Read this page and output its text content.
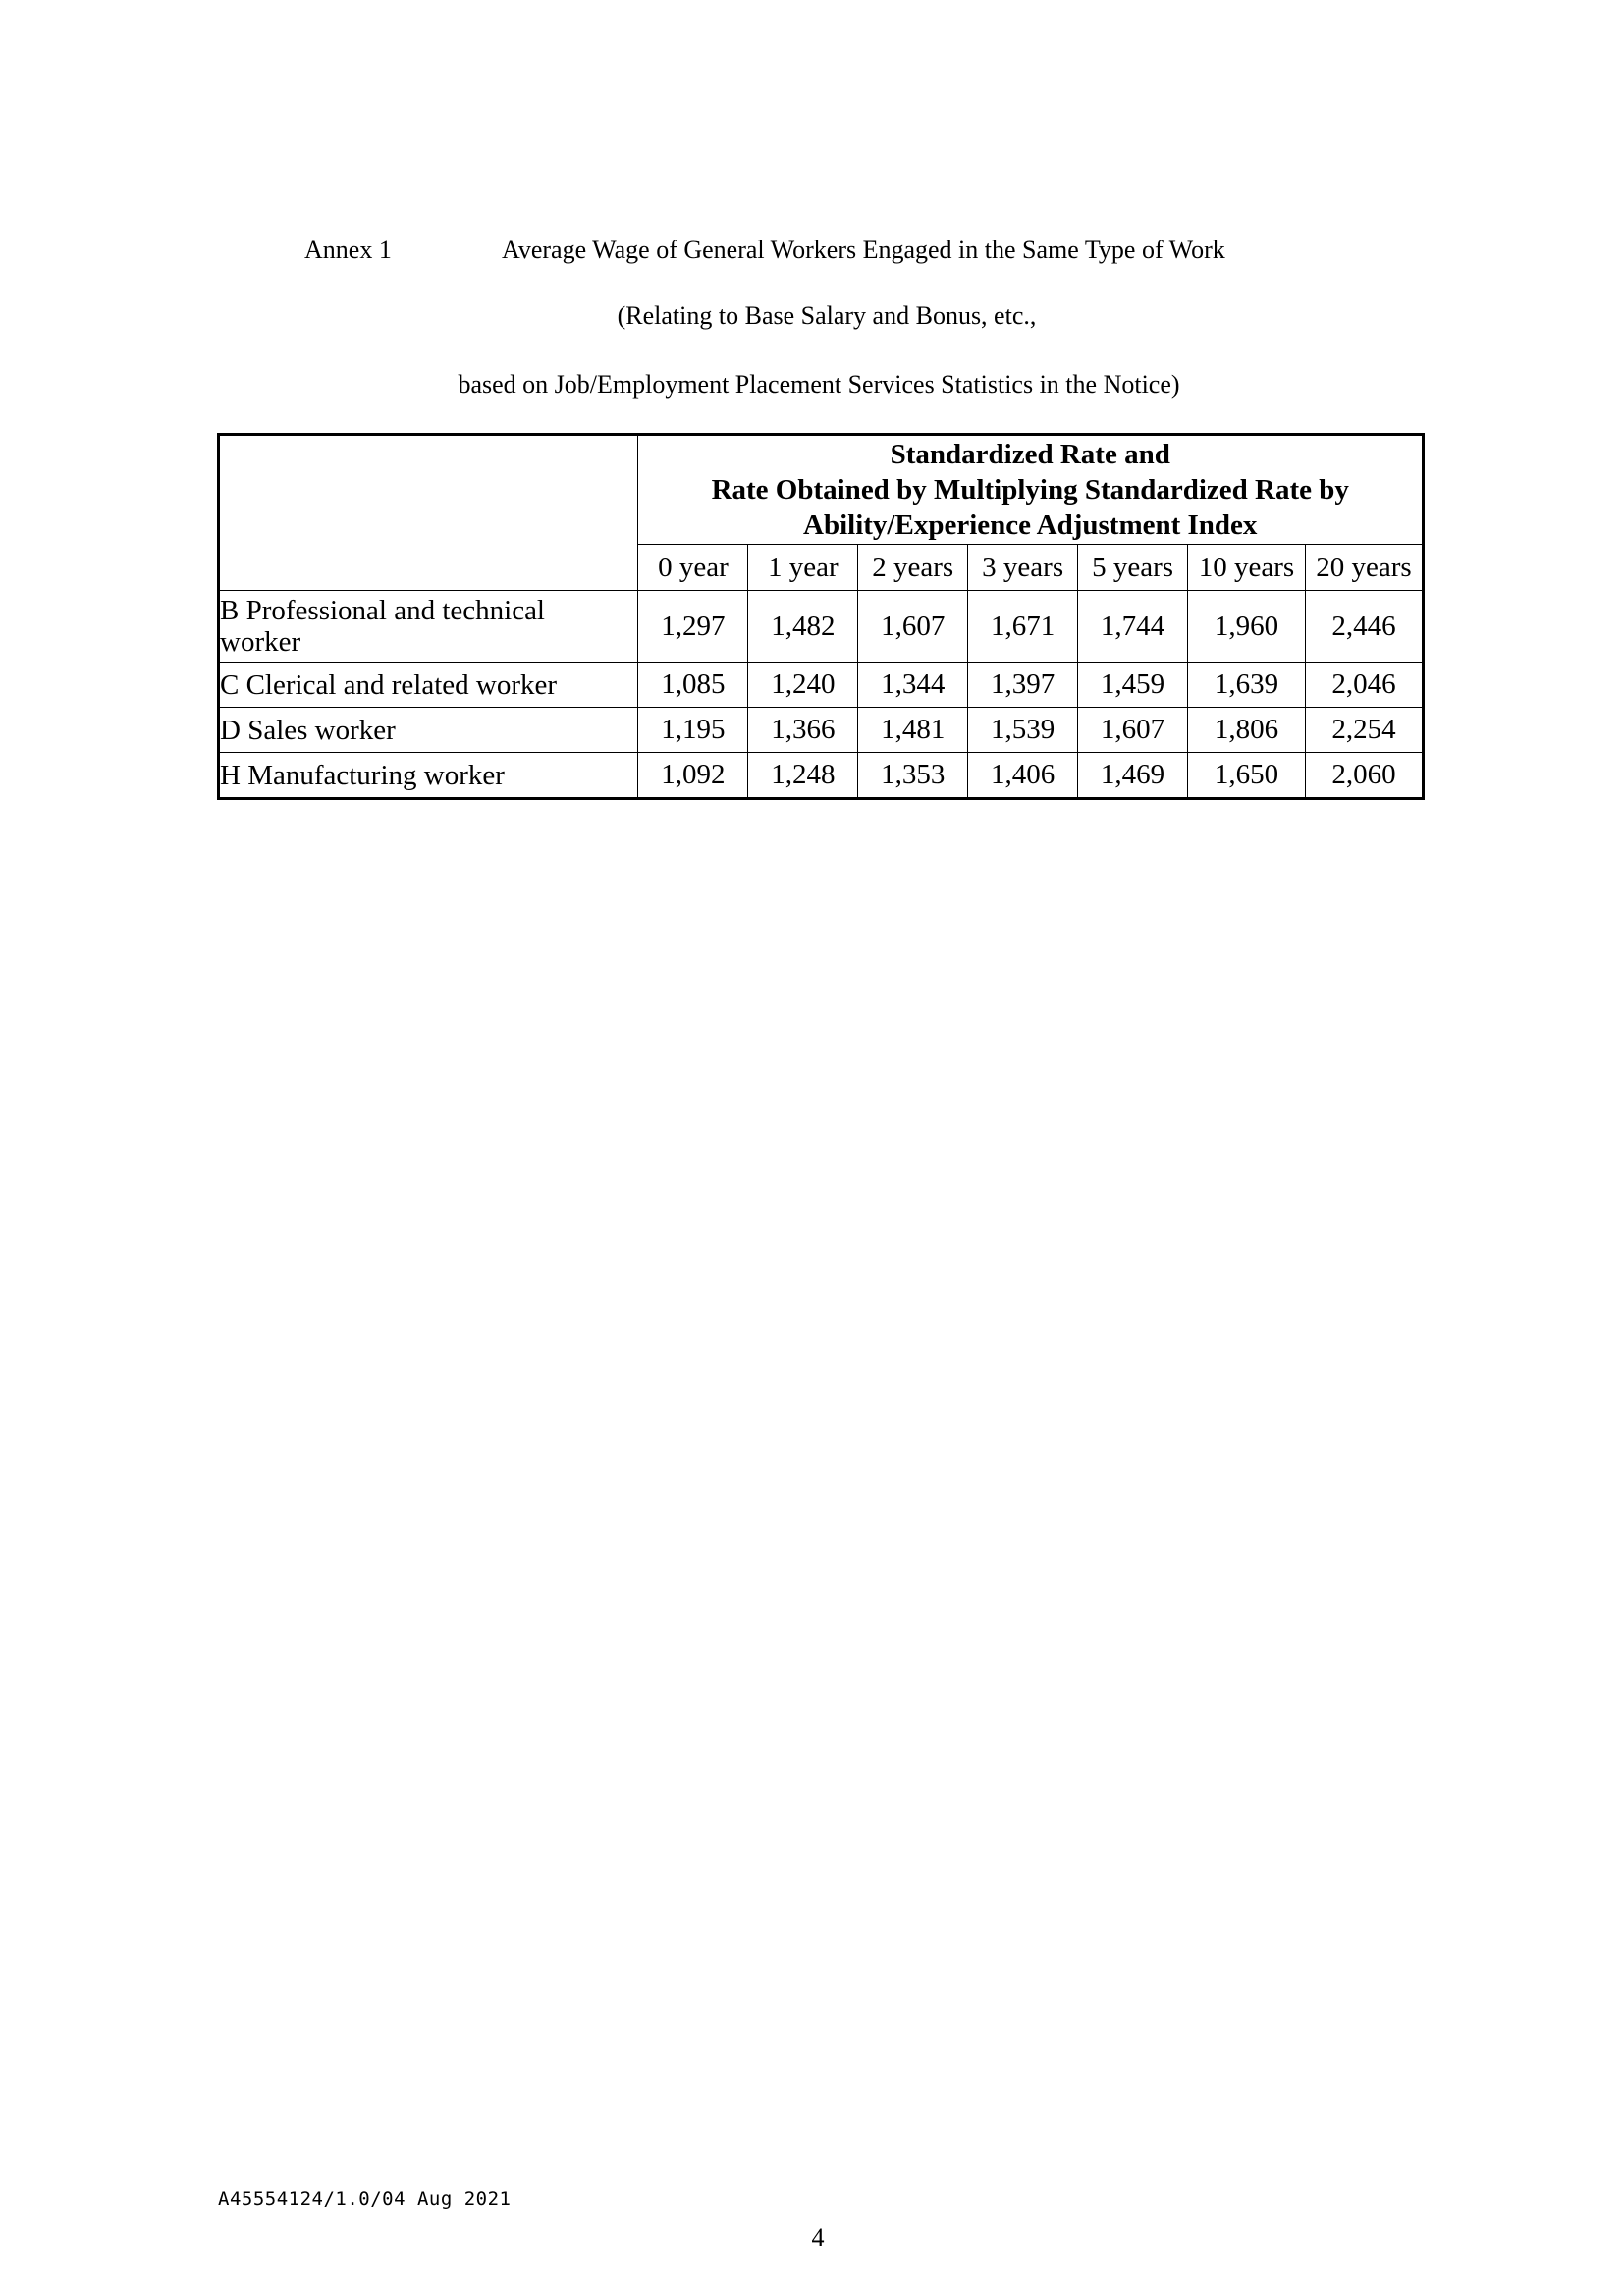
Annex 1	Average Wage of General Workers Engaged in the Same Type of Work
(Relating to Base Salary and Bonus, etc.,
based on Job/Employment Placement Services Statistics in the Notice)

	Standardized Rate and
Rate Obtained by Multiplying Standardized Rate by
Ability/Experience Adjustment Index						

	0 year	1 year	2 years	3 years	5 years	10 years	20 years

B Professional and technical
worker	1,297	1,482	1,607	1,671	1,744	1,960	2,446
C Clerical and related worker	1,085	1,240	1,344	1,397	1,459	1,639	2,046
D Sales worker	1,195	1,366	1,481	1,539	1,607	1,806	2,254
H Manufacturing worker	1,092	1,248	1,353	1,406	1,469	1,650	2,060
A45554124/1.0/04 Aug 2021
4
